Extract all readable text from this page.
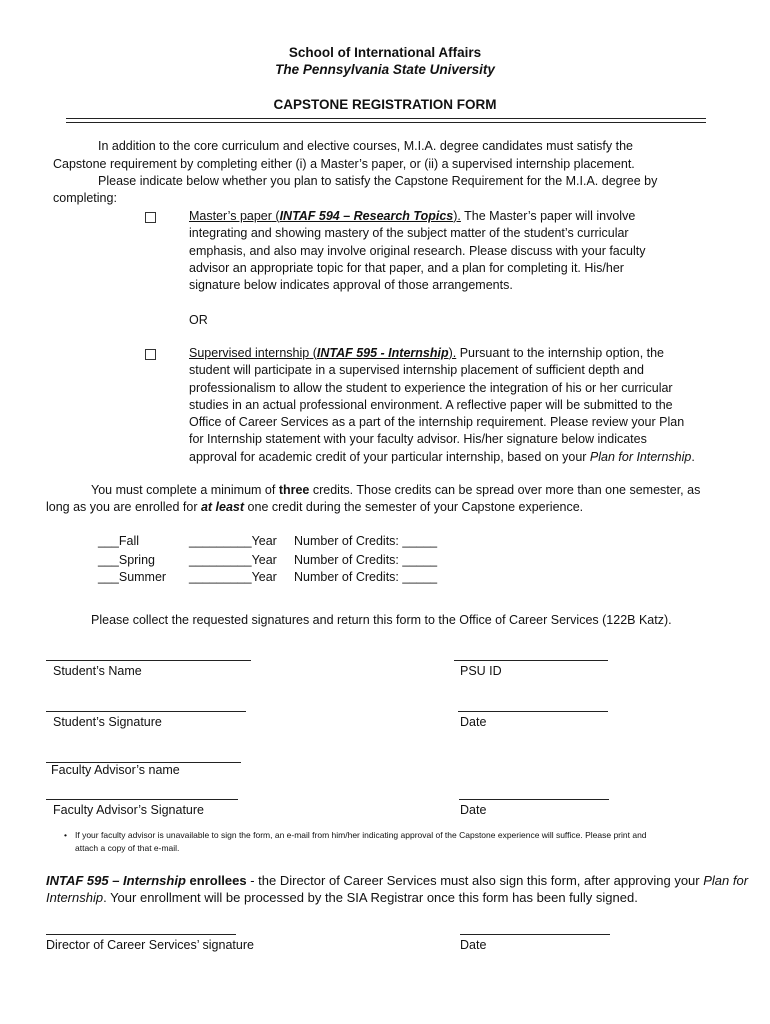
School of International Affairs
The Pennsylvania State University
CAPSTONE REGISTRATION FORM
In addition to the core curriculum and elective courses, M.I.A. degree candidates must satisfy the
Capstone requirement by completing either (i) a Master’s paper, or (ii) a supervised internship placement.
Please indicate below whether you plan to satisfy the Capstone Requirement for the M.I.A. degree by
completing:
Master’s paper (INTAF 594 – Research Topics). The Master’s paper will involve
integrating and showing mastery of the subject matter of the student’s curricular
emphasis, and also may involve original research. Please discuss with your faculty
advisor an appropriate topic for that paper, and a plan for completing it. His/her
signature below indicates approval of those arrangements.
OR
Supervised internship (INTAF 595 - Internship). Pursuant to the internship option, the
student will participate in a supervised internship placement of sufficient depth and
professionalism to allow the student to experience the integration of his or her curricular
studies in an actual professional environment. A reflective paper will be submitted to the
Office of Career Services as a part of the internship requirement. Please review your Plan
for Internship statement with your faculty advisor. His/her signature below indicates
approval for academic credit of your particular internship, based on your Plan for Internship.
You must complete a minimum of three credits. Those credits can be spread over more than one semester, as
long as you are enrolled for at least one credit during the semester of your Capstone experience.
___Fall	_________Year Number of Credits: _____
___Spring	_________Year Number of Credits: _____
___Summer _________Year Number of Credits: _____
Please collect the requested signatures and return this form to the Office of Career Services (122B Katz).
Student’s Name	PSU ID
Student’s Signature	Date
Faculty Advisor’s name
Faculty Advisor’s Signature	Date
• If your faculty advisor is unavailable to sign the form, an e-mail from him/her indicating approval of the Capstone experience will suffice. Please print and
attach a copy of that e-mail.
INTAF 595 – Internship enrollees - the Director of Career Services must also sign this form, after approving your Plan for
Internship. Your enrollment will be processed by the SIA Registrar once this form has been fully signed.
Director of Career Services’ signature	Date
